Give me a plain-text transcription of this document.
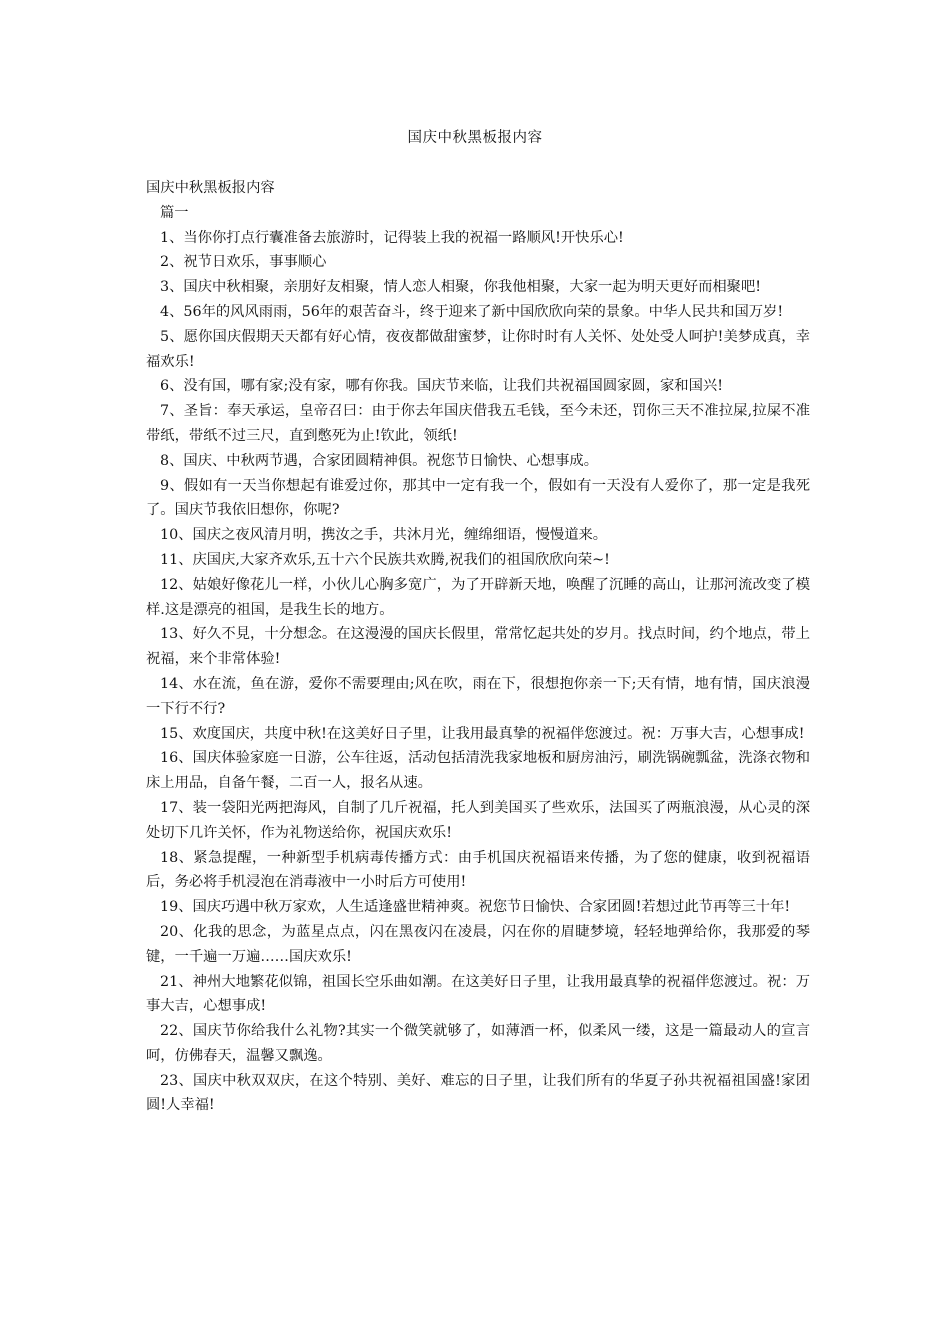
国庆中秋黑板报内容

国庆中秋黑板报内容

篇一

1、当你你打点行囊准备去旅游时，记得装上我的祝福一路顺风!开快乐心!

2、祝节日欢乐，事事顺心

3、国庆中秋相聚，亲朋好友相聚，情人恋人相聚，你我他相聚，大家一起为明天更好而相聚吧!

4、56年的风风雨雨，56年的艰苦奋斗，终于迎来了新中国欣欣向荣的景象。中华人民共和国万岁!

5、愿你国庆假期天天都有好心情，夜夜都做甜蜜梦，让你时时有人关怀、处处受人呵护!美梦成真，幸福欢乐!

6、没有国，哪有家;没有家，哪有你我。国庆节来临，让我们共祝福国圆家圆，家和国兴!

7、圣旨：奉天承运，皇帝召曰：由于你去年国庆借我五毛钱，至今未还，罚你三天不准拉屎,拉屎不准带纸，带纸不过三尺，直到憋死为止!钦此，领纸!

8、国庆、中秋两节遇，合家团圆精神俱。祝您节日愉快、心想事成。

9、假如有一天当你想起有谁爱过你，那其中一定有我一个，假如有一天没有人爱你了，那一定是我死了。国庆节我依旧想你，你呢?

10、国庆之夜风清月明，携汝之手，共沐月光，缠绵细语，慢慢道来。

11、庆国庆,大家齐欢乐,五十六个民族共欢腾,祝我们的祖国欣欣向荣~!

12、姑娘好像花儿一样，小伙儿心胸多宽广，为了开辟新天地，唤醒了沉睡的高山，让那河流改变了模样.这是漂亮的祖国，是我生长的地方。

13、好久不見，十分想念。在这漫漫的国庆长假里，常常忆起共处的岁月。找点时间，约个地点，带上祝福，来个非常体验!

14、水在流，鱼在游，爱你不需要理由;风在吹，雨在下，很想抱你亲一下;天有情，地有情，国庆浪漫一下行不行?

15、欢度国庆，共度中秋!在这美好日子里，让我用最真挚的祝福伴您渡过。祝：万事大吉，心想事成!

16、国庆体验家庭一日游，公车往返，活动包括清洗我家地板和厨房油污，刷洗锅碗瓢盆，洗涤衣物和床上用品，自备午餐，二百一人，报名从速。

17、装一袋阳光两把海风，自制了几斤祝福，托人到美国买了些欢乐，法国买了两瓶浪漫，从心灵的深处切下几许关怀，作为礼物送给你，祝国庆欢乐!

18、紧急提醒，一种新型手机病毒传播方式：由手机国庆祝福语来传播，为了您的健康，收到祝福语后，务必将手机浸泡在消毒液中一小时后方可使用!

19、国庆巧遇中秋万家欢，人生适逢盛世精神爽。祝您节日愉快、合家团圆!若想过此节再等三十年!

20、化我的思念，为蓝星点点，闪在黑夜闪在凌晨，闪在你的眉睫梦境，轻轻地弹给你，我那爱的琴键，一千遍一万遍……国庆欢乐!

21、神州大地繁花似锦，祖国长空乐曲如潮。在这美好日子里，让我用最真挚的祝福伴您渡过。祝：万事大吉，心想事成!

22、国庆节你给我什么礼物?其实一个微笑就够了，如薄酒一杯，似柔风一缕，这是一篇最动人的宣言呵，仿佛春天，温馨又飘逸。

23、国庆中秋双双庆，在这个特别、美好、难忘的日子里，让我们所有的华夏子孙共祝福祖国盛!家团圆!人幸福!
